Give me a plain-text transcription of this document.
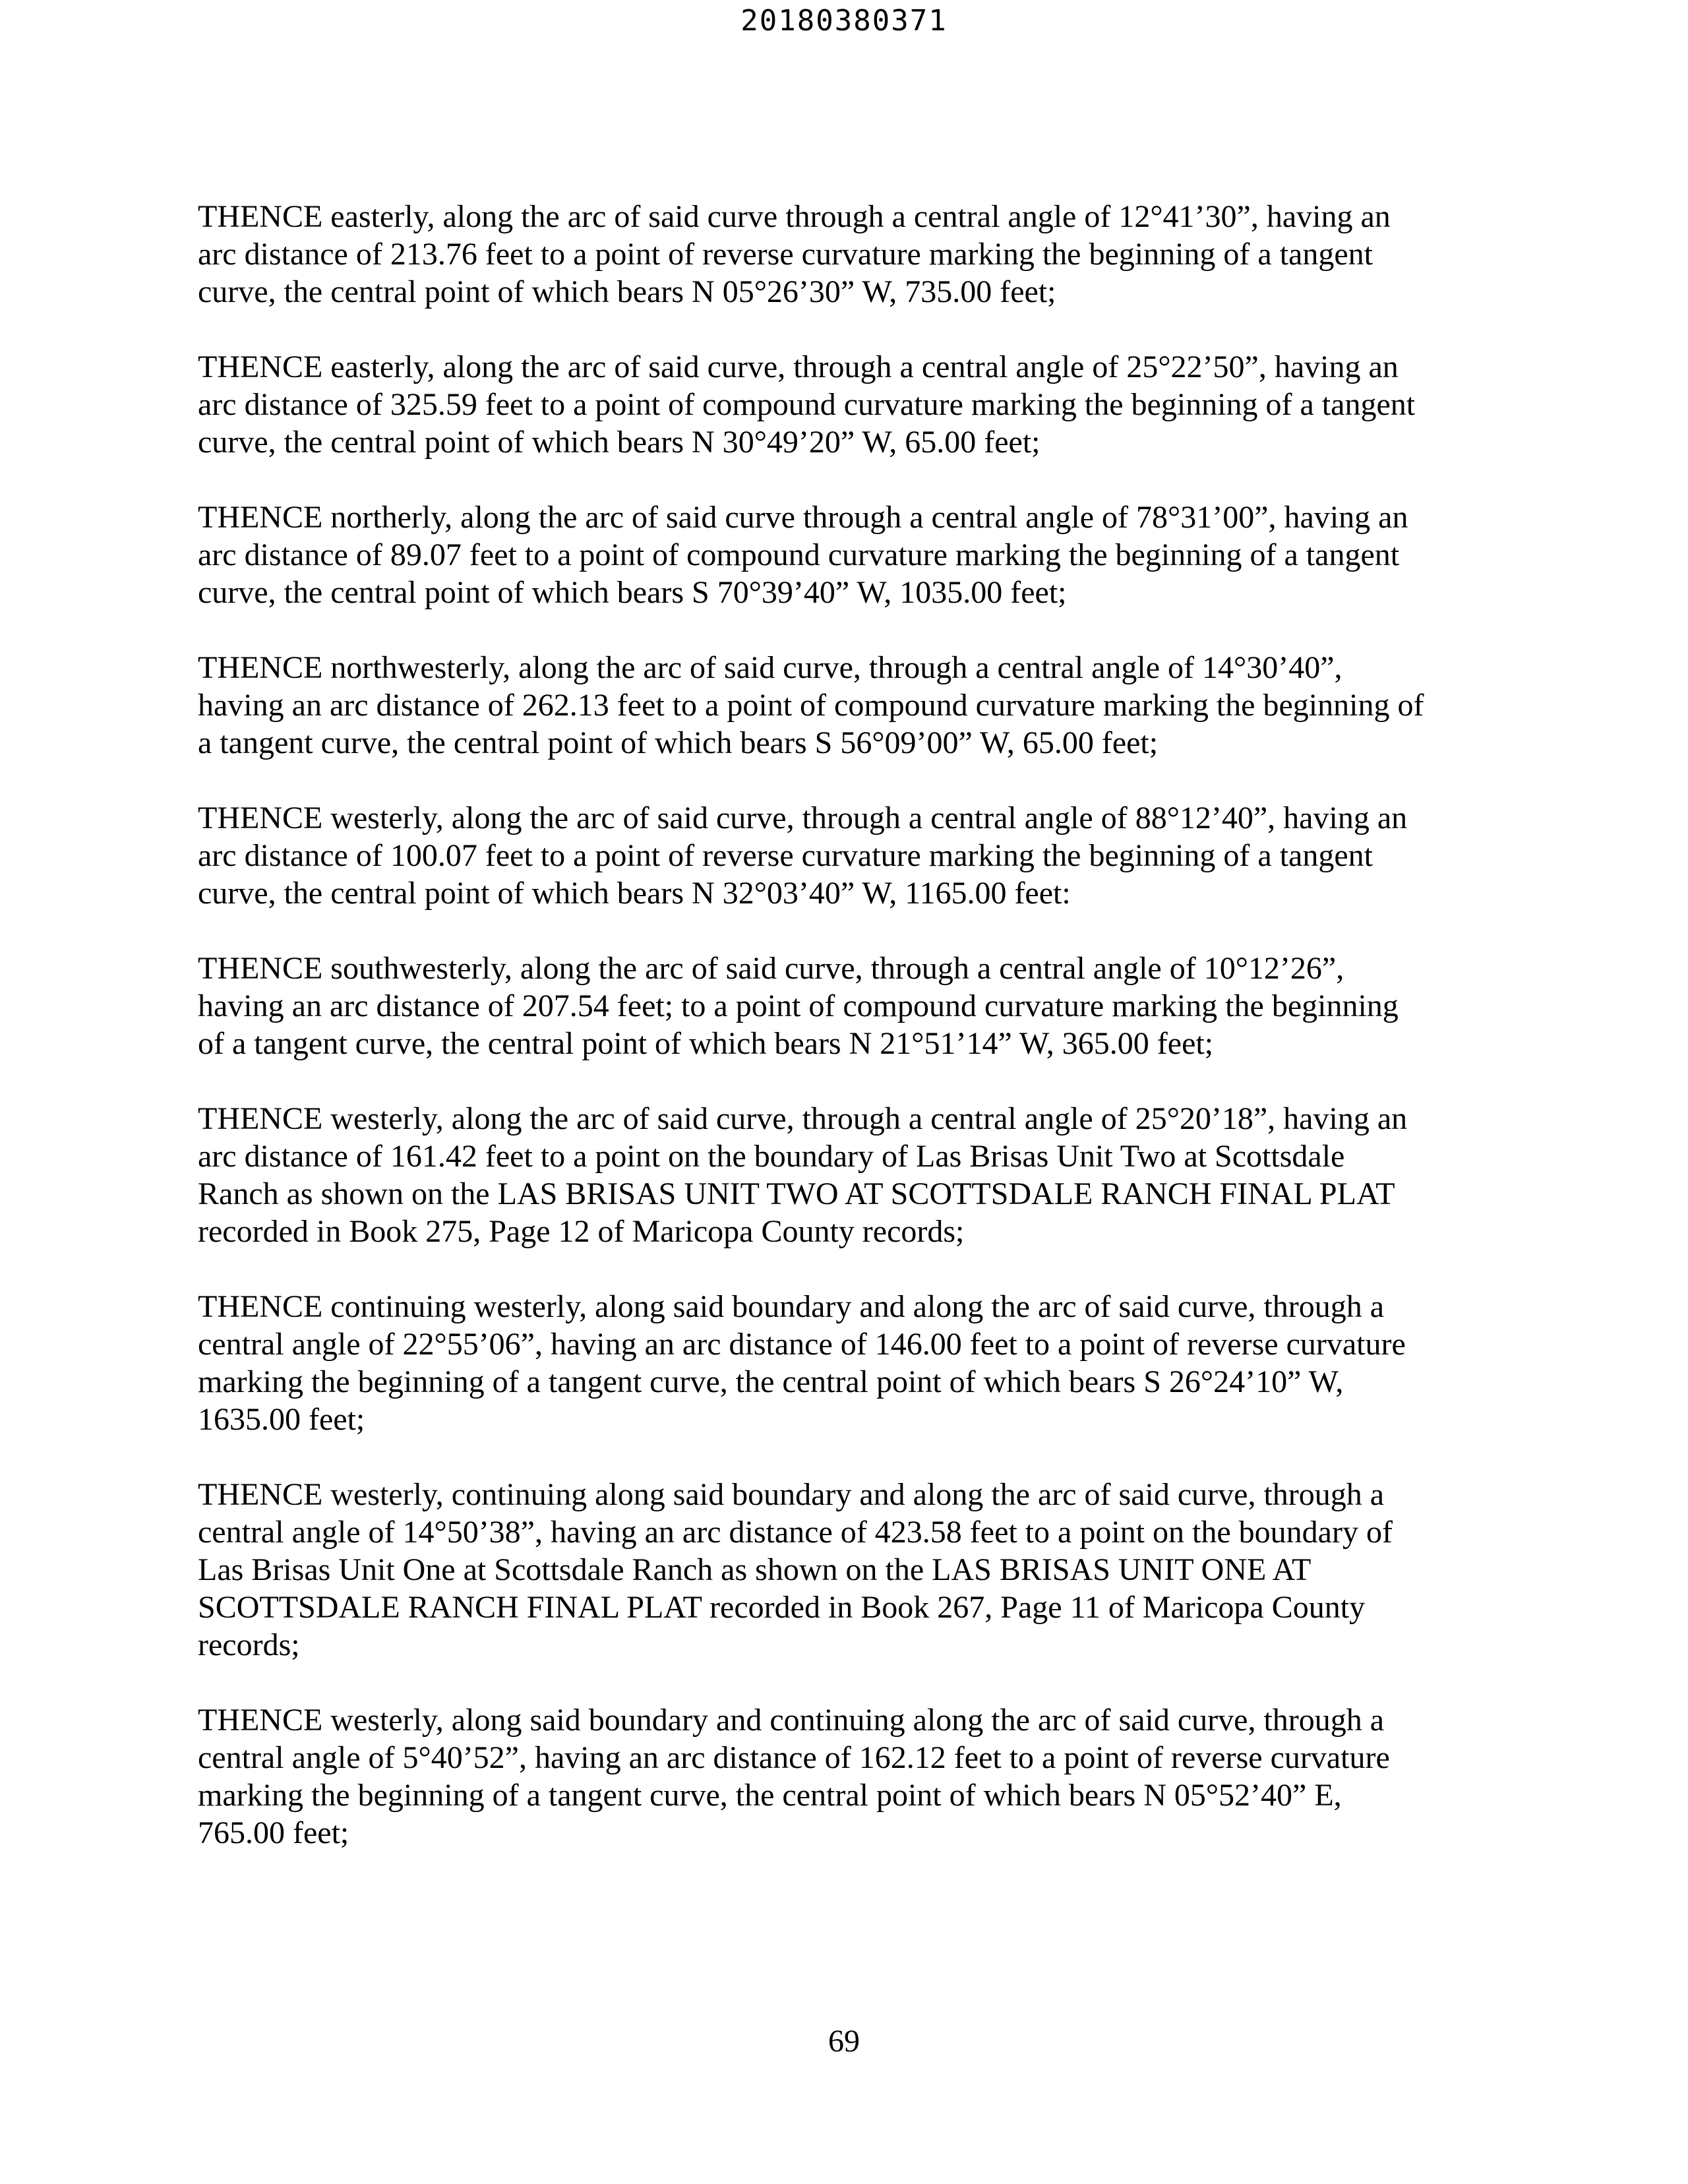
20180380371
THENCE easterly, along the arc of said curve through a central angle of 12°41’30”, having an
arc distance of 213.76 feet to a point of reverse curvature marking the beginning of a tangent
curve, the central point of which bears N 05°26’30” W, 735.00 feet;
THENCE easterly, along the arc of said curve, through a central angle of 25°22’50”, having an
arc distance of 325.59 feet to a point of compound curvature marking the beginning of a tangent
curve, the central point of which bears N 30°49’20” W, 65.00 feet;
THENCE northerly, along the arc of said curve through a central angle of 78°31’00”, having an
arc distance of 89.07 feet to a point of compound curvature marking the beginning of a tangent
curve, the central point of which bears S 70°39’40” W, 1035.00 feet;
THENCE northwesterly, along the arc of said curve, through a central angle of 14°30’40”,
having an arc distance of 262.13 feet to a point of compound curvature marking the beginning of
a tangent curve, the central point of which bears S 56°09’00” W, 65.00 feet;
THENCE westerly, along the arc of said curve, through a central angle of 88°12’40”, having an
arc distance of 100.07 feet to a point of reverse curvature marking the beginning of a tangent
curve, the central point of which bears N 32°03’40” W, 1165.00 feet:
THENCE southwesterly, along the arc of said curve, through a central angle of 10°12’26”,
having an arc distance of 207.54 feet; to a point of compound curvature marking the beginning
of a tangent curve, the central point of which bears N 21°51’14” W, 365.00 feet;
THENCE westerly, along the arc of said curve, through a central angle of 25°20’18”, having an
arc distance of 161.42 feet to a point on the boundary of Las Brisas Unit Two at Scottsdale
Ranch as shown on the LAS BRISAS UNIT TWO AT SCOTTSDALE RANCH FINAL PLAT
recorded in Book 275, Page 12 of Maricopa County records;
THENCE continuing westerly, along said boundary and along the arc of said curve, through a
central angle of 22°55’06”, having an arc distance of 146.00 feet to a point of reverse curvature
marking the beginning of a tangent curve, the central point of which bears S 26°24’10” W,
1635.00 feet;
THENCE westerly, continuing along said boundary and along the arc of said curve, through a
central angle of 14°50’38”, having an arc distance of 423.58 feet to a point on the boundary of
Las Brisas Unit One at Scottsdale Ranch as shown on the LAS BRISAS UNIT ONE AT
SCOTTSDALE RANCH FINAL PLAT recorded in Book 267, Page 11 of Maricopa County
records;
THENCE westerly, along said boundary and continuing along the arc of said curve, through a
central angle of 5°40’52”, having an arc distance of 162.12 feet to a point of reverse curvature
marking the beginning of a tangent curve, the central point of which bears N 05°52’40” E,
765.00 feet;
69
